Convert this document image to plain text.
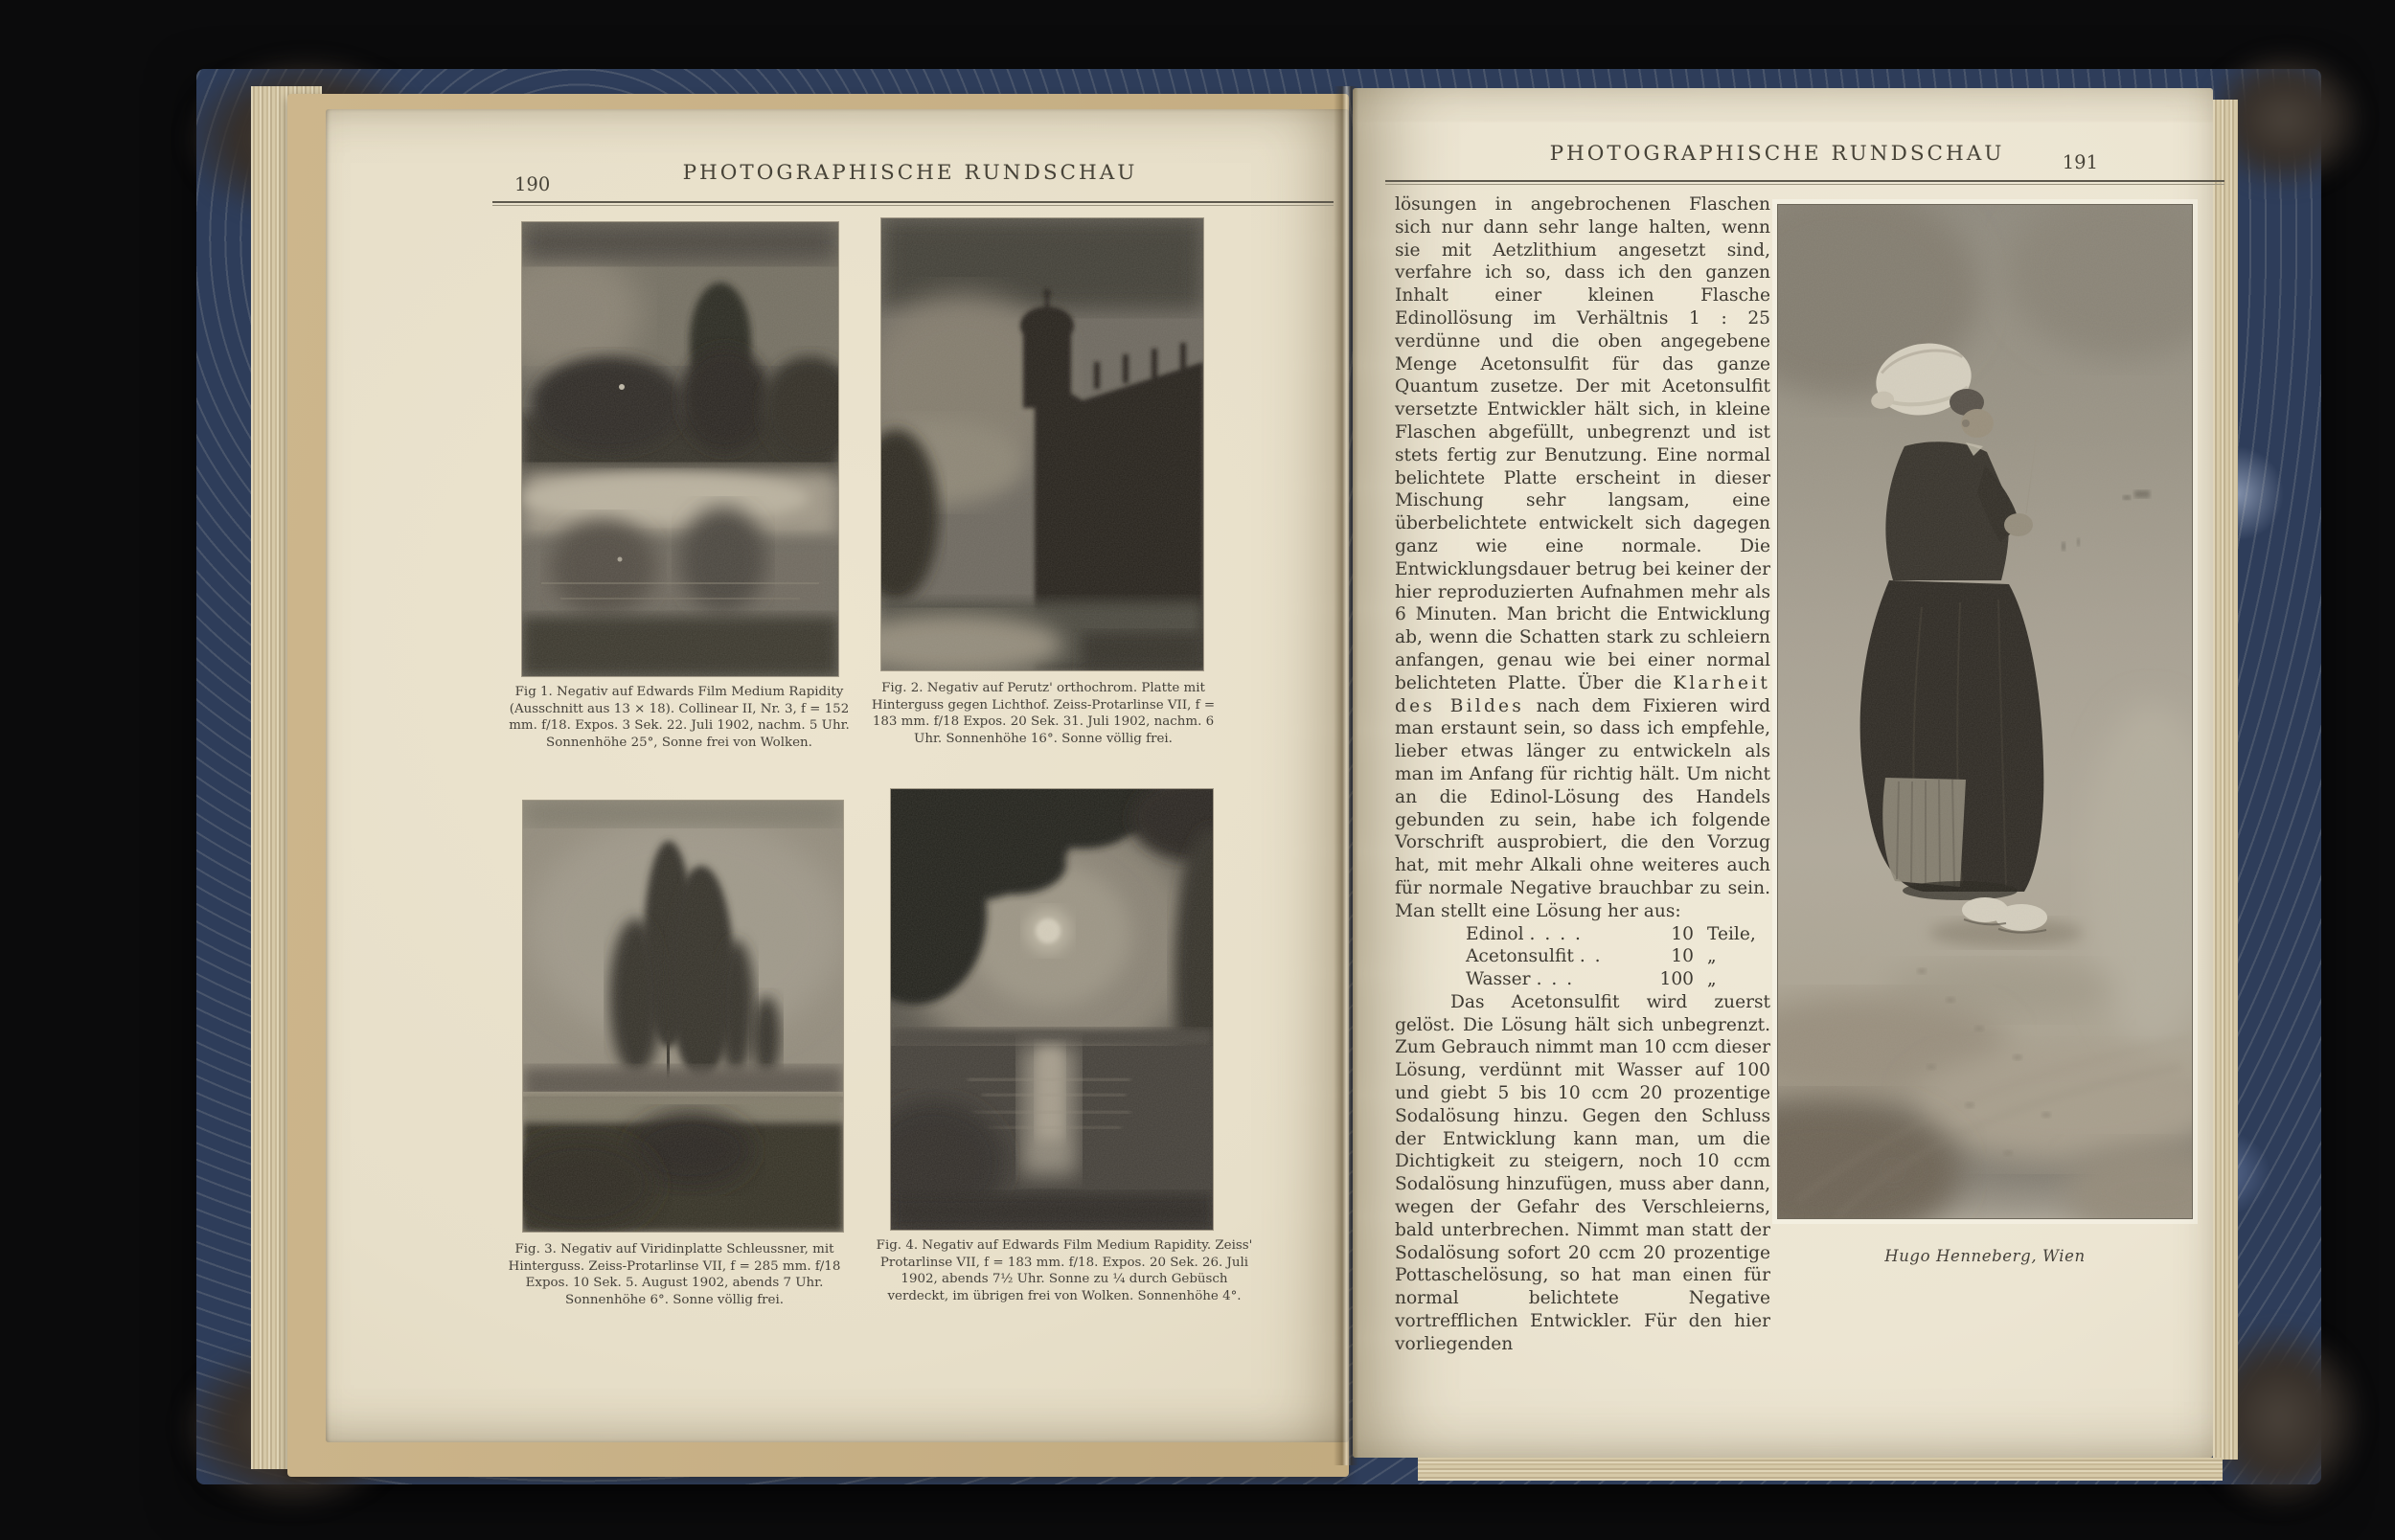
190	PHOTOGRAPHISCHE RUNDSCHAU
Fig 1. Negativ auf Edwards Film Medium Rapidity (Ausschnitt aus 13 × 18). Collinear II, Nr. 3, f = 152 mm. f/18. Expos. 3 Sek. 22. Juli 1902, nachm. 5 Uhr. Sonnenhöhe 25°, Sonne frei von Wolken.
Fig. 2. Negativ auf Perutz' orthochrom. Platte mit Hinterguss gegen Lichthof. Zeiss-Protarlinse VII, f = 183 mm. f/18 Expos. 20 Sek. 31. Juli 1902, nachm. 6 Uhr. Sonnenhöhe 16°. Sonne völlig frei.
Fig. 3. Negativ auf Viridinplatte Schleussner, mit Hinterguss. Zeiss-Protarlinse VII, f = 285 mm. f/18 Expos. 10 Sek. 5. August 1902, abends 7 Uhr. Sonnenhöhe 6°. Sonne völlig frei.
Fig. 4. Negativ auf Edwards Film Medium Rapidity. Zeiss' Protarlinse VII, f = 183 mm. f/18. Expos. 20 Sek. 26. Juli 1902, abends 7½ Uhr. Sonne zu ¼ durch Gebüsch verdeckt, im übrigen frei von Wolken. Sonnenhöhe 4°.
PHOTOGRAPHISCHE RUNDSCHAU	191
lösungen in angebrochenen Flaschen sich nur dann sehr lange halten, wenn sie mit Aetzlithium angesetzt sind, verfahre ich so, dass ich den ganzen Inhalt einer kleinen Flasche Edinollösung im Verhältnis 1 : 25 verdünne und die oben angegebene Menge Acetonsulfit für das ganze Quantum zusetze. Der mit Acetonsulfit versetzte Entwickler hält sich, in kleine Flaschen abgefüllt, unbegrenzt und ist stets fertig zur Benutzung. Eine normal belichtete Platte erscheint in dieser Mischung sehr langsam, eine überbelichtete entwickelt sich dagegen ganz wie eine normale. Die Entwicklungsdauer betrug bei keiner der hier reproduzierten Aufnahmen mehr als 6 Minuten. Man bricht die Entwicklung ab, wenn die Schatten stark zu schleiern anfangen, genau wie bei einer normal belichteten Platte. Über die Klarheit des Bildes nach dem Fixieren wird man erstaunt sein, so dass ich empfehle, lieber etwas länger zu entwickeln als man im Anfang für richtig hält. Um nicht an die Edinol-Lösung des Handels gebunden zu sein, habe ich folgende Vorschrift ausprobiert, die den Vorzug hat, mit mehr Alkali ohne weiteres auch für normale Negative brauchbar zu sein. Man stellt eine Lösung her aus:
Edinol . . . .	10 Teile,
Acetonsulfit . .	10 „
Wasser . . .	100 „
Das Acetonsulfit wird zuerst gelöst. Die Lösung hält sich unbegrenzt. Zum Gebrauch nimmt man 10 ccm dieser Lösung, verdünnt mit Wasser auf 100 und giebt 5 bis 10 ccm 20 prozentige Sodalösung hinzu. Gegen den Schluss der Entwicklung kann man, um die Dichtigkeit zu steigern, noch 10 ccm Sodalösung hinzufügen, muss aber dann, wegen der Gefahr des Verschleierns, bald unterbrechen. Nimmt man statt der Sodalösung sofort 20 ccm 20 prozentige Pottaschelösung, so hat man einen für normal belichtete Negative vortrefflichen Entwickler. Für den hier vorliegenden
HH
Hugo Henneberg, Wien
